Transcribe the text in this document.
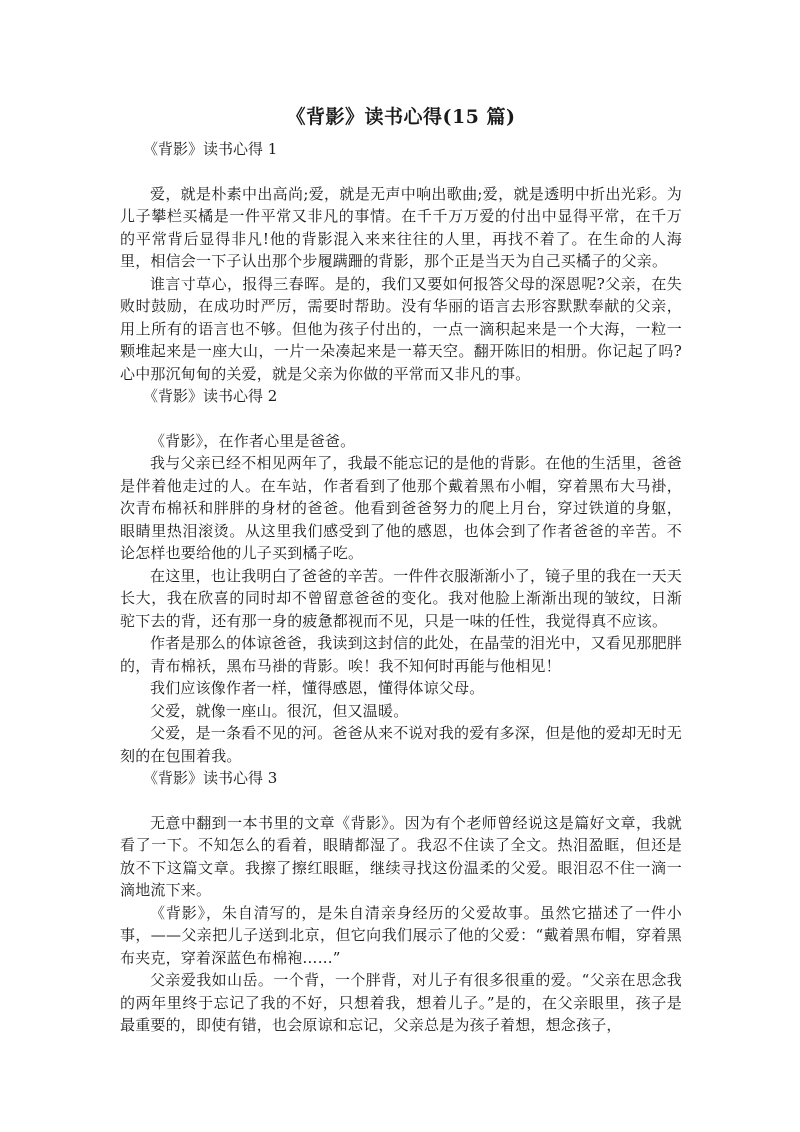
《背影》读书心得(15 篇)

《背影》读书心得 1

爱，就是朴素中出高尚;爱，就是无声中响出歌曲;爱，就是透明中折出光彩。为儿子攀栏买橘是一件平常又非凡的事情。在千千万万爱的付出中显得平常，在千万的平常背后显得非凡!他的背影混入来来往往的人里，再找不着了。在生命的人海里，相信会一下子认出那个步履蹒跚的背影，那个正是当天为自己买橘子的父亲。

谁言寸草心，报得三春晖。是的，我们又要如何报答父母的深恩呢?父亲，在失败时鼓励，在成功时严厉，需要时帮助。没有华丽的语言去形容默默奉献的父亲，用上所有的语言也不够。但他为孩子付出的，一点一滴积起来是一个大海，一粒一颗堆起来是一座大山，一片一朵凑起来是一幕天空。翻开陈旧的相册。你记起了吗?心中那沉甸甸的关爱，就是父亲为你做的平常而又非凡的事。

《背影》读书心得 2

《背影》，在作者心里是爸爸。

我与父亲已经不相见两年了，我最不能忘记的是他的背影。在他的生活里，爸爸是伴着他走过的人。在车站，作者看到了他那个戴着黑布小帽，穿着黑布大马褂，次青布棉袄和胖胖的身材的爸爸。他看到爸爸努力的爬上月台，穿过铁道的身躯，眼睛里热泪滚烫。从这里我们感受到了他的感恩，也体会到了作者爸爸的辛苦。不论怎样也要给他的儿子买到橘子吃。

在这里，也让我明白了爸爸的辛苦。一件件衣服渐渐小了，镜子里的我在一天天长大，我在欣喜的同时却不曾留意爸爸的变化。我对他脸上渐渐出现的皱纹，日渐驼下去的背，还有那一身的疲惫都视而不见，只是一味的任性，我觉得真不应该。

作者是那么的体谅爸爸，我读到这封信的此处，在晶莹的泪光中，又看见那肥胖的，青布棉袄，黑布马褂的背影。唉！我不知何时再能与他相见！

我们应该像作者一样，懂得感恩，懂得体谅父母。

父爱，就像一座山。很沉，但又温暖。

父爱，是一条看不见的河。爸爸从来不说对我的爱有多深，但是他的爱却无时无刻的在包围着我。

《背影》读书心得 3

无意中翻到一本书里的文章《背影》。因为有个老师曾经说这是篇好文章，我就看了一下。不知怎么的看着，眼睛都湿了。我忍不住读了全文。热泪盈眶，但还是放不下这篇文章。我擦了擦红眼眶，继续寻找这份温柔的父爱。眼泪忍不住一滴一滴地流下来。

《背影》，朱自清写的，是朱自清亲身经历的父爱故事。虽然它描述了一件小事，——父亲把儿子送到北京，但它向我们展示了他的父爱：“戴着黑布帽，穿着黑布夹克，穿着深蓝色布棉袍……”

父亲爱我如山岳。一个背，一个胖背，对儿子有很多很重的爱。“父亲在思念我的两年里终于忘记了我的不好，只想着我，想着儿子。”是的，在父亲眼里，孩子是最重要的，即使有错，也会原谅和忘记，父亲总是为孩子着想，想念孩子，
